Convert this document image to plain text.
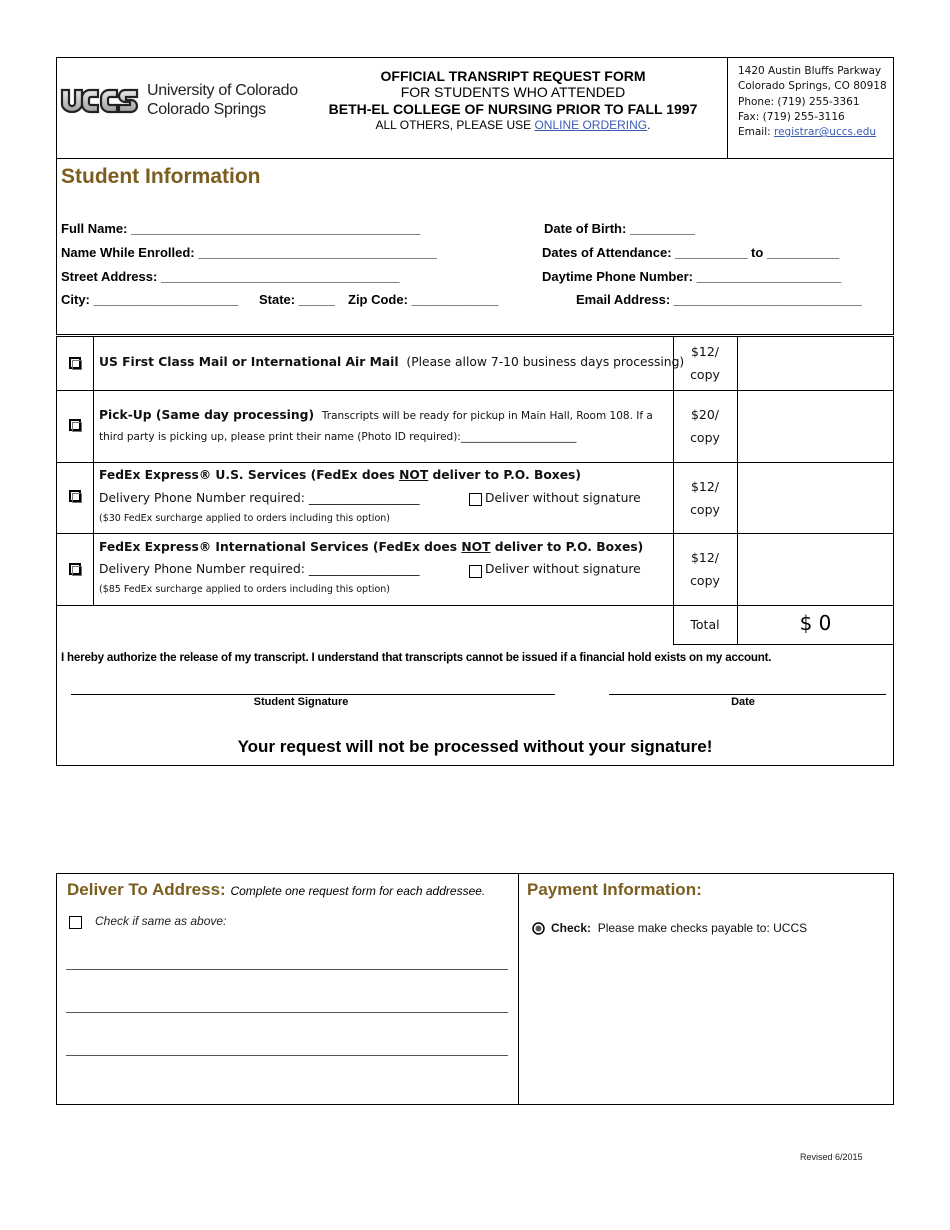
University of Colorado
Colorado Springs
OFFICIAL TRANSRIPT REQUEST FORM
FOR STUDENTS WHO ATTENDED
BETH-EL COLLEGE OF NURSING PRIOR TO FALL 1997
ALL OTHERS, PLEASE USE ONLINE ORDERING.
1420 Austin Bluffs Parkway
Colorado Springs, CO 80918
Phone: (719) 255-3361
Fax: (719) 255-3116
Email: registrar@uccs.edu
Student Information
Full Name: ________________________________________	Date of Birth: _________
Name While Enrolled: _________________________________	Dates of Attendance: __________ to __________
Street Address: _________________________________	Daytime Phone Number: ____________________
City: ____________________ State: _____ Zip Code: ____________	Email Address: __________________________
US First Class Mail or International Air Mail (Please allow 7-10 business days processing)
$12/
copy
Pick-Up (Same day processing) Transcripts will be ready for pickup in Main Hall, Room 108. If a
third party is picking up, please print their name (Photo ID required):______________________
$20/
copy
FedEx Express® U.S. Services (FedEx does NOT deliver to P.O. Boxes)
Delivery Phone Number required: __________________	Deliver without signature
($30 FedEx surcharge applied to orders including this option)
$12/
copy
FedEx Express® International Services (FedEx does NOT deliver to P.O. Boxes)
Delivery Phone Number required: __________________	Deliver without signature
($85 FedEx surcharge applied to orders including this option)
$12/
copy
Total	$ 0
I hereby authorize the release of my transcript. I understand that transcripts cannot be issued if a financial hold exists on my account.
Student Signature	Date
Your request will not be processed without your signature!
Deliver To Address: Complete one request form for each addressee.
Check if same as above:
Payment Information:
Check: Please make checks payable to: UCCS
Revised 6/2015
